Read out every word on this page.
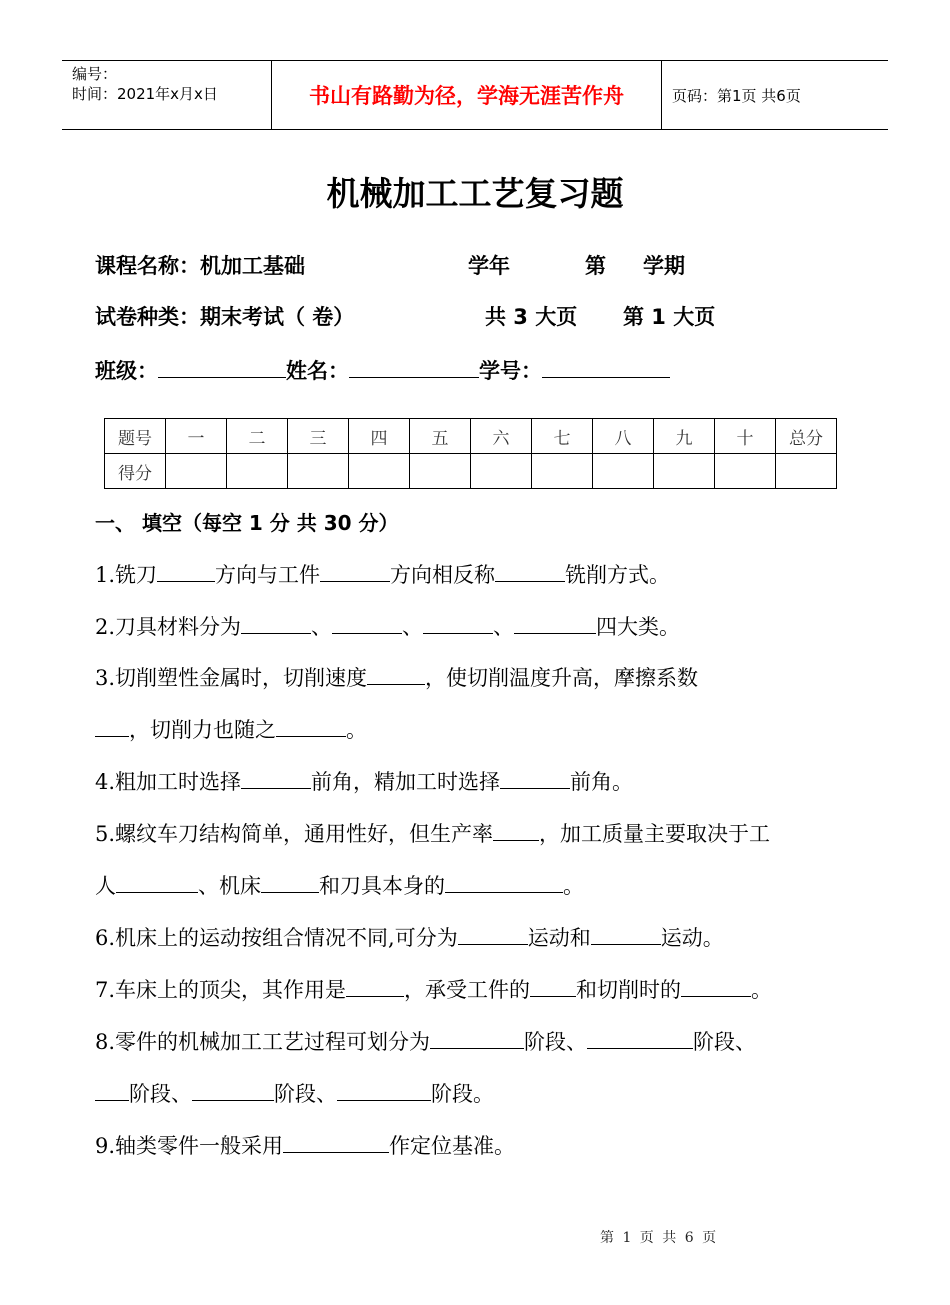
编号：
时间：2021年x月x日	书山有路勤为径，学海无涯苦作舟	页码：第1页 共6页
机械加工工艺复习题
课程名称：机加工基础	学年	第 学期
试卷种类：期末考试（ 卷）	共 3 大页 第 1 大页
班级：	姓名：	学号：
题号	一	二	三	四	五	六	七	八	九	十	总分
得分											
一、 填空（每空 1 分 共 30 分）
1.铣刀	方向与工件	方向相反称	铣削方式。
2.刀具材料分为	、	、	、	四大类。
3.切削塑性金属时，切削速度	，使切削温度升高，摩擦系数
，切削力也随之	。
4.粗加工时选择	前角，精加工时选择	前角。
5.螺纹车刀结构简单，通用性好，但生产率 ，加工质量主要取决于工
人	、机床	和刀具本身的	。
6.机床上的运动按组合情况不同,可分为	运动和	运动。
7.车床上的顶尖，其作用是	，承受工件的 和切削时的	。
8.零件的机械加工工艺过程可划分为	阶段、	阶段、
阶段、	阶段、	阶段。
9.轴类零件一般采用	作定位基准。
第 1 页 共 6 页
